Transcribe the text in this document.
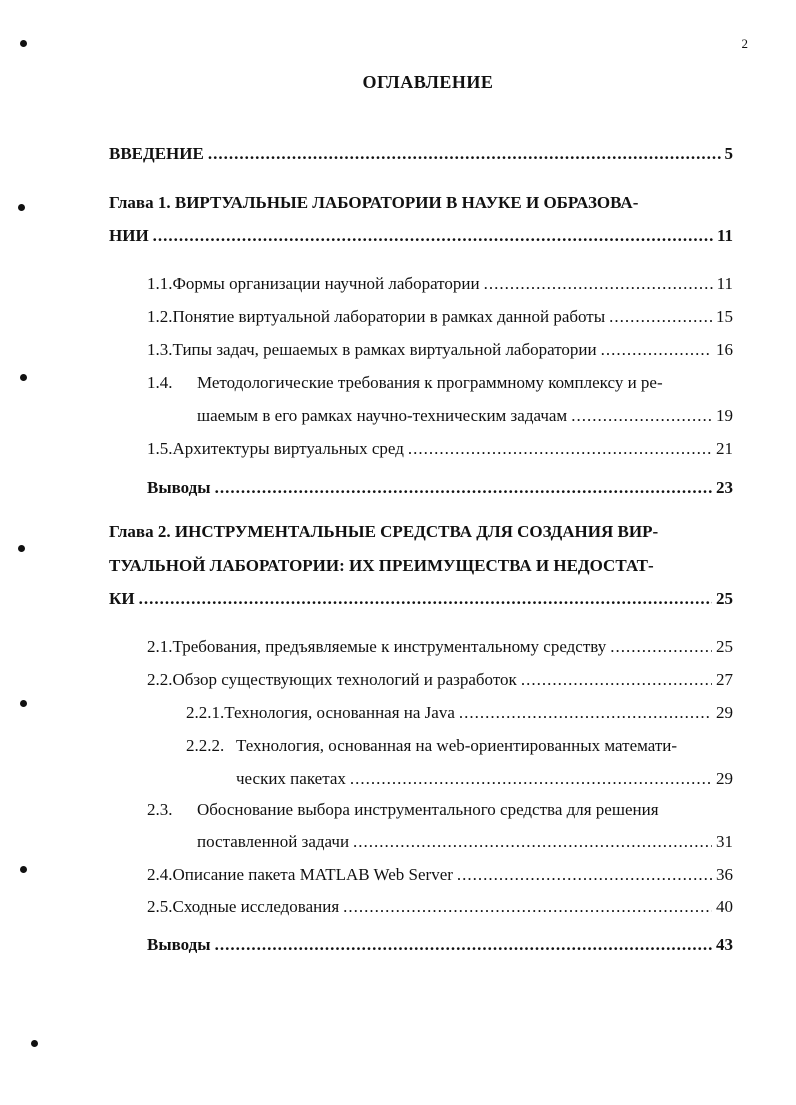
2
ОГЛАВЛЕНИЕ
ВВЕДЕНИЕ .....	5
Глава 1. ВИРТУАЛЬНЫЕ ЛАБОРАТОРИИ В НАУКЕ И ОБРАЗОВА-
НИИ .....	11
1.1. Формы организации научной лаборатории .....	11
1.2. Понятие виртуальной лаборатории в рамках данной работы .....	15
1.3. Типы задач, решаемых в рамках виртуальной лаборатории .....	16
1.4.	Методологические требования к программному комплексу и ре-
шаемым в его рамках научно-техническим задачам .....	19
1.5. Архитектуры виртуальных сред .....	21
Выводы .....	23
Глава 2. ИНСТРУМЕНТАЛЬНЫЕ СРЕДСТВА ДЛЯ СОЗДАНИЯ ВИР-
ТУАЛЬНОЙ ЛАБОРАТОРИИ: ИХ ПРЕИМУЩЕСТВА И НЕДОСТАТ-
КИ .....	25
2.1. Требования, предъявляемые к инструментальному средству .....	25
2.2. Обзор существующих технологий и разработок .....	27
2.2.1. Технология, основанная на Java .....	29
2.2.2. Технология, основанная на web-ориентированных математи-
ческих пакетах .....	29
2.3.	Обоснование выбора инструментального средства для решения
поставленной задачи .....	31
2.4. Описание пакета MATLAB Web Server .....	36
2.5. Сходные исследования .....	40
Выводы .....	43
